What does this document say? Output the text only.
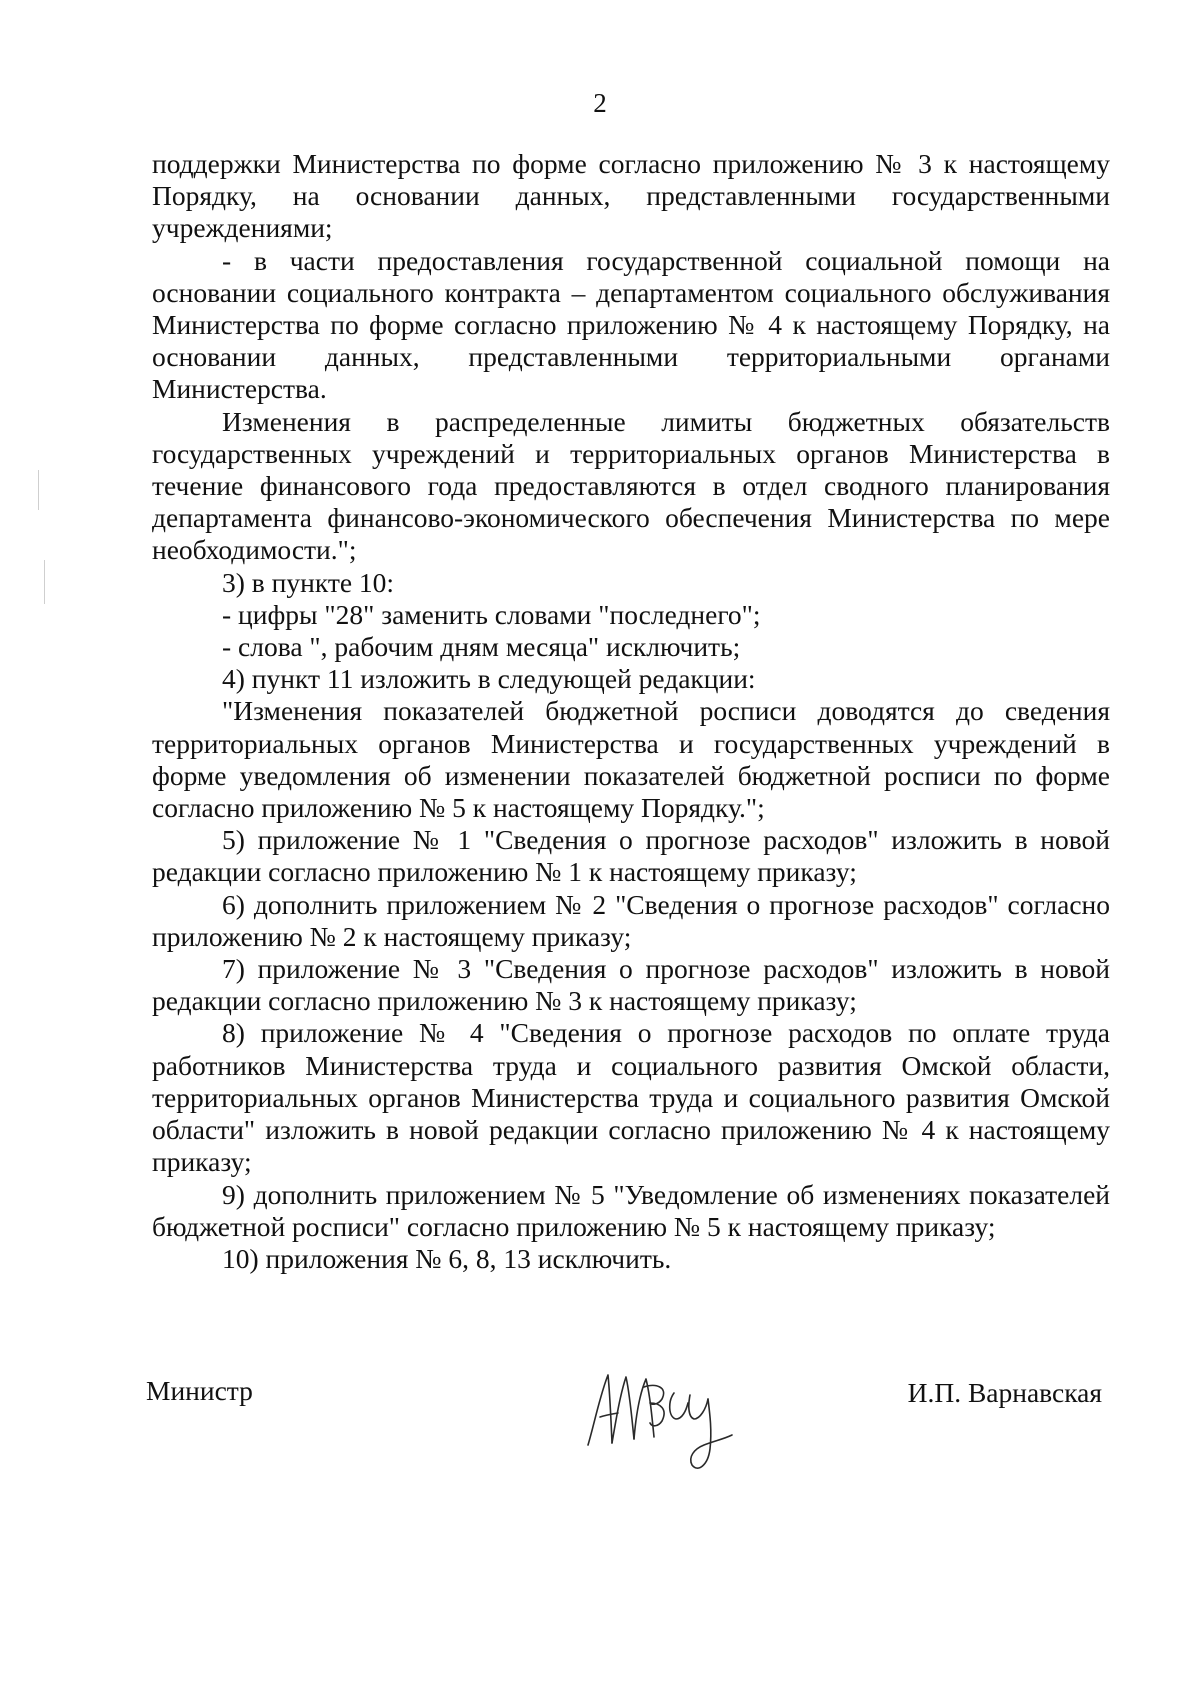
2

поддержки Министерства по форме согласно приложению № 3 к настоящему Порядку, на основании данных, представленными государственными учреждениями;

- в части предоставления государственной социальной помощи на основании социального контракта – департаментом социального обслуживания Министерства по форме согласно приложению № 4 к настоящему Порядку, на основании данных, представленными территориальными органами Министерства.

Изменения в распределенные лимиты бюджетных обязательств государственных учреждений и территориальных органов Министерства в течение финансового года предоставляются в отдел сводного планирования департамента финансово-экономического обеспечения Министерства по мере необходимости.";

3) в пункте 10:

- цифры "28" заменить словами "последнего";

- слова ", рабочим дням месяца" исключить;

4) пункт 11 изложить в следующей редакции:

"Изменения показателей бюджетной росписи доводятся до сведения территориальных органов Министерства и государственных учреждений в форме уведомления об изменении показателей бюджетной росписи по форме согласно приложению № 5 к настоящему Порядку.";

5) приложение № 1 "Сведения о прогнозе расходов" изложить в новой редакции согласно приложению № 1 к настоящему приказу;

6) дополнить приложением № 2 "Сведения о прогнозе расходов" согласно приложению № 2 к настоящему приказу;

7) приложение № 3 "Сведения о прогнозе расходов" изложить в новой редакции согласно приложению № 3 к настоящему приказу;

8) приложение № 4 "Сведения о прогнозе расходов по оплате труда работников Министерства труда и социального развития Омской области, территориальных органов Министерства труда и социального развития Омской области" изложить в новой редакции согласно приложению № 4 к настоящему приказу;

9) дополнить приложением № 5 "Уведомление об изменениях показателей бюджетной росписи" согласно приложению № 5 к настоящему приказу;

10) приложения № 6, 8, 13 исключить.

Министр	И.П. Варнавская
